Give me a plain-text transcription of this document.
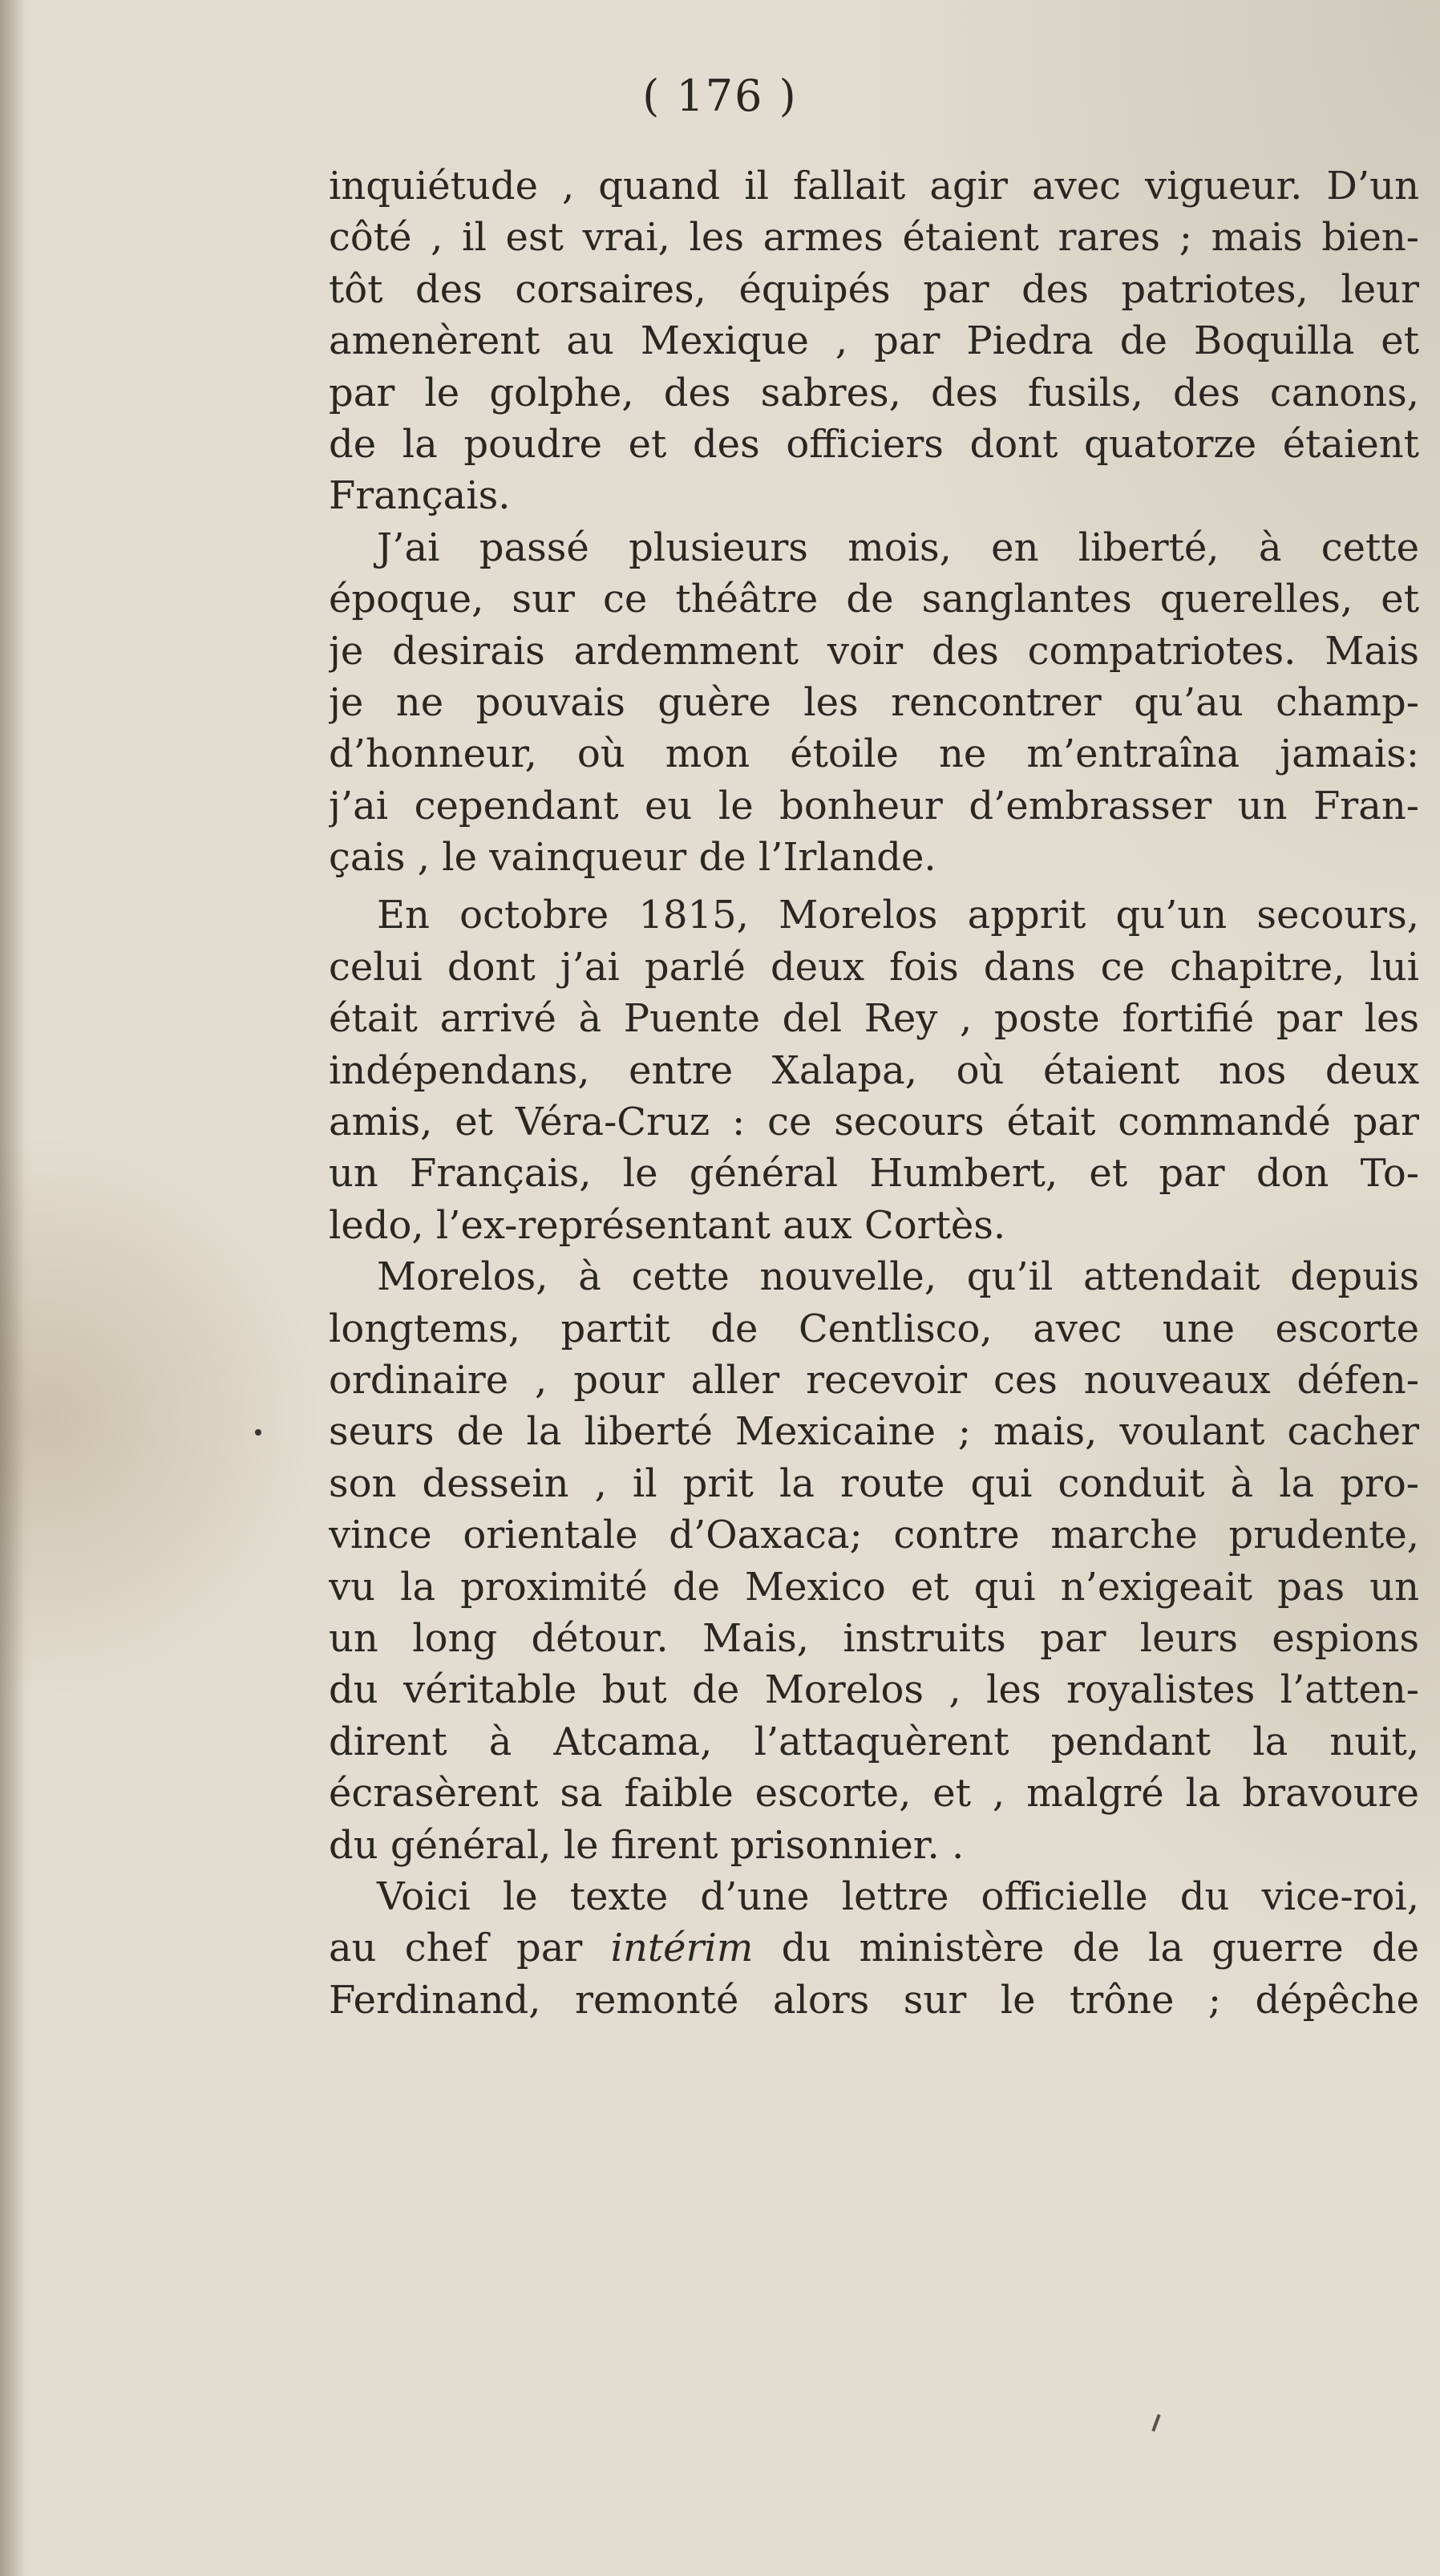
( 176 )
inquiétude , quand il fallait agir avec vigueur. D’un
côté , il est vrai, les armes étaient rares ; mais bien-
tôt des corsaires, équipés par des patriotes, leur
amenèrent au Mexique , par Piedra de Boquilla et
par le golphe, des sabres, des fusils, des canons,
de la poudre et des officiers dont quatorze étaient
Français.
J’ai passé plusieurs mois, en liberté, à cette
époque, sur ce théâtre de sanglantes querelles, et
je desirais ardemment voir des compatriotes. Mais
je ne pouvais guère les rencontrer qu’au champ-
d’honneur, où mon étoile ne m’entraîna jamais:
j’ai cependant eu le bonheur d’embrasser un Fran-
çais , le vainqueur de l’Irlande.
En octobre 1815, Morelos apprit qu’un secours,
celui dont j’ai parlé deux fois dans ce chapitre, lui
était arrivé à Puente del Rey , poste fortifié par les
indépendans, entre Xalapa, où étaient nos deux
amis, et Véra-Cruz : ce secours était commandé par
un Français, le général Humbert, et par don To-
ledo, l’ex-représentant aux Cortès.
Morelos, à cette nouvelle, qu’il attendait depuis
longtems, partit de Centlisco, avec une escorte
ordinaire , pour aller recevoir ces nouveaux défen-
seurs de la liberté Mexicaine ; mais, voulant cacher
son dessein , il prit la route qui conduit à la pro-
vince orientale d’Oaxaca; contre marche prudente,
vu la proximité de Mexico et qui n’exigeait pas un
un long détour. Mais, instruits par leurs espions
du véritable but de Morelos , les royalistes l’atten-
dirent à Atcama, l’attaquèrent pendant la nuit,
écrasèrent sa faible escorte, et , malgré la bravoure
du général, le firent prisonnier. .
Voici le texte d’une lettre officielle du vice-roi,
au chef par intérim du ministère de la guerre de
Ferdinand, remonté alors sur le trône ; dépêche
